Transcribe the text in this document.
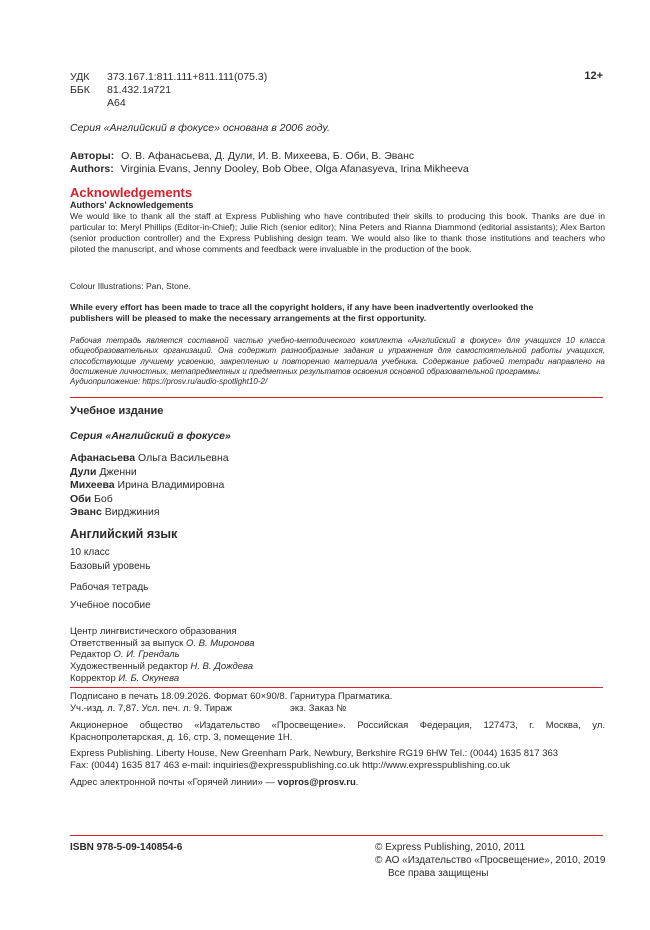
УДК 373.167.1:811.111+811.111(075.3)
ББК 81.432.1я721
А64
12+
Серия «Английский в фокусе» основана в 2006 году.
Авторы: О. В. Афанасьева, Д. Дули, И. В. Михеева, Б. Оби, В. Эванс
Authors: Virginia Evans, Jenny Dooley, Bob Obee, Olga Afanasyeva, Irina Mikheeva
Acknowledgements
Authors' Acknowledgements
We would like to thank all the staff at Express Publishing who have contributed their skills to producing this book. Thanks are due in particular to: Meryl Phillips (Editor-in-Chief); Julie Rich (senior editor); Nina Peters and Rianna Diammond (editorial assistants); Alex Barton (senior production controller) and the Express Publishing design team. We would also like to thank those institutions and teachers who piloted the manuscript, and whose comments and feedback were invaluable in the production of the book.
Colour Illustrations: Pan, Stone.
While every effort has been made to trace all the copyright holders, if any have been inadvertently overlooked the publishers will be pleased to make the necessary arrangements at the first opportunity.
Рабочая тетрадь является составной частью учебно-методического комплекта «Английский в фокусе» для учащихся 10 класса общеобразовательных организаций. Она содержит разнообразные задания и упражнения для самостоятельной работы учащихся, способствующие лучшему усвоению, закреплению и повторению материала учебника. Содержание рабочей тетради направлено на достижение личностных, метапредметных и предметных результатов освоения основной образовательной программы.
Аудиоприложение: https://prosv.ru/audio-spotlight10-2/
Учебное издание
Серия «Английский в фокусе»
Афанасьева Ольга Васильевна
Дули Дженни
Михеева Ирина Владимировна
Оби Боб
Эванс Вирджиния
Английский язык
10 класс
Базовый уровень
Рабочая тетрадь
Учебное пособие
Центр лингвистического образования
Ответственный за выпуск О. В. Миронова
Редактор О. И. Грендаль
Художественный редактор Н. В. Дождева
Корректор И. Б. Окунева
Подписано в печать 18.09.2026. Формат 60×90/8. Гарнитура Прагматика.
Уч.-изд. л. 7,87. Усл. печ. л. 9. Тираж	экз. Заказ №
Акционерное общество «Издательство «Просвещение». Российская Федерация, 127473, г. Москва, ул. Краснопролетарская, д. 16, стр. 3, помещение 1Н.
Express Publishing. Liberty House, New Greenham Park, Newbury, Berkshire RG19 6HW Tel.: (0044) 1635 817 363
Fax: (0044) 1635 817 463 e-mail: inquiries@expresspublishing.co.uk http://www.expresspublishing.co.uk
Адрес электронной почты «Горячей линии» — vopros@prosv.ru.
ISBN 978-5-09-140854-6	© Express Publishing, 2010, 2011
© АО «Издательство «Просвещение», 2010, 2019
Все права защищены
